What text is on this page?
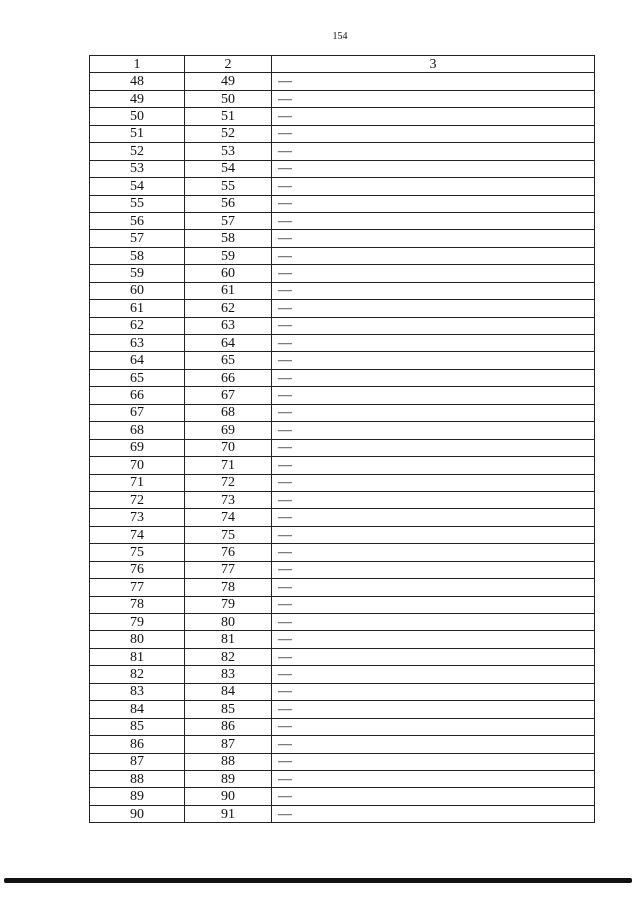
154
1	2	3
48	49	—
49	50	—
50	51	—
51	52	—
52	53	—
53	54	—
54	55	—
55	56	—
56	57	—
57	58	—
58	59	—
59	60	—
60	61	—
61	62	—
62	63	—
63	64	—
64	65	—
65	66	—
66	67	—
67	68	—
68	69	—
69	70	—
70	71	—
71	72	—
72	73	—
73	74	—
74	75	—
75	76	—
76	77	—
77	78	—
78	79	—
79	80	—
80	81	—
81	82	—
82	83	—
83	84	—
84	85	—
85	86	—
86	87	—
87	88	—
88	89	—
89	90	—
90	91	—
